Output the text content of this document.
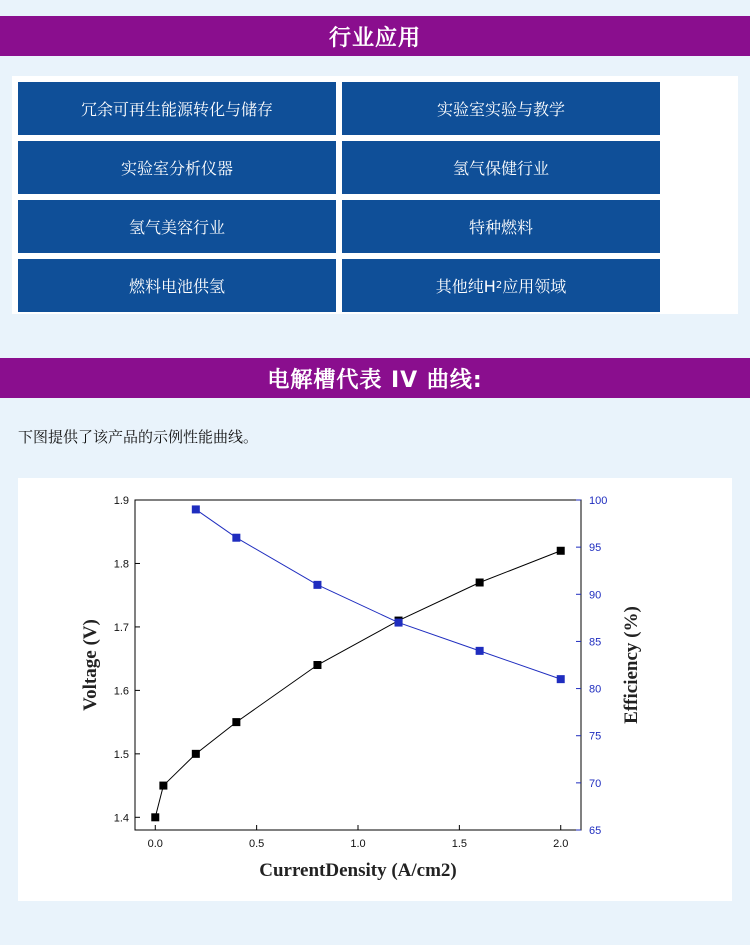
行业应用
冗余可再生能源转化与储存	实验室实验与教学
实验室分析仪器	氢气保健行业
氢气美容行业	特种燃料
燃料电池供氢	其他纯H 2 应用领域
电解槽代表 IV 曲线:
下图提供了该产品的示例性能曲线。
0.0	0.5	1.0	1.5	2.0
1.4
1.5
1.6
1.7
1.8
1.9
65
70
75
80
85
90
95
100
CurrentDensity (A/cm2)
Voltage (V)	Efficiency (%)
